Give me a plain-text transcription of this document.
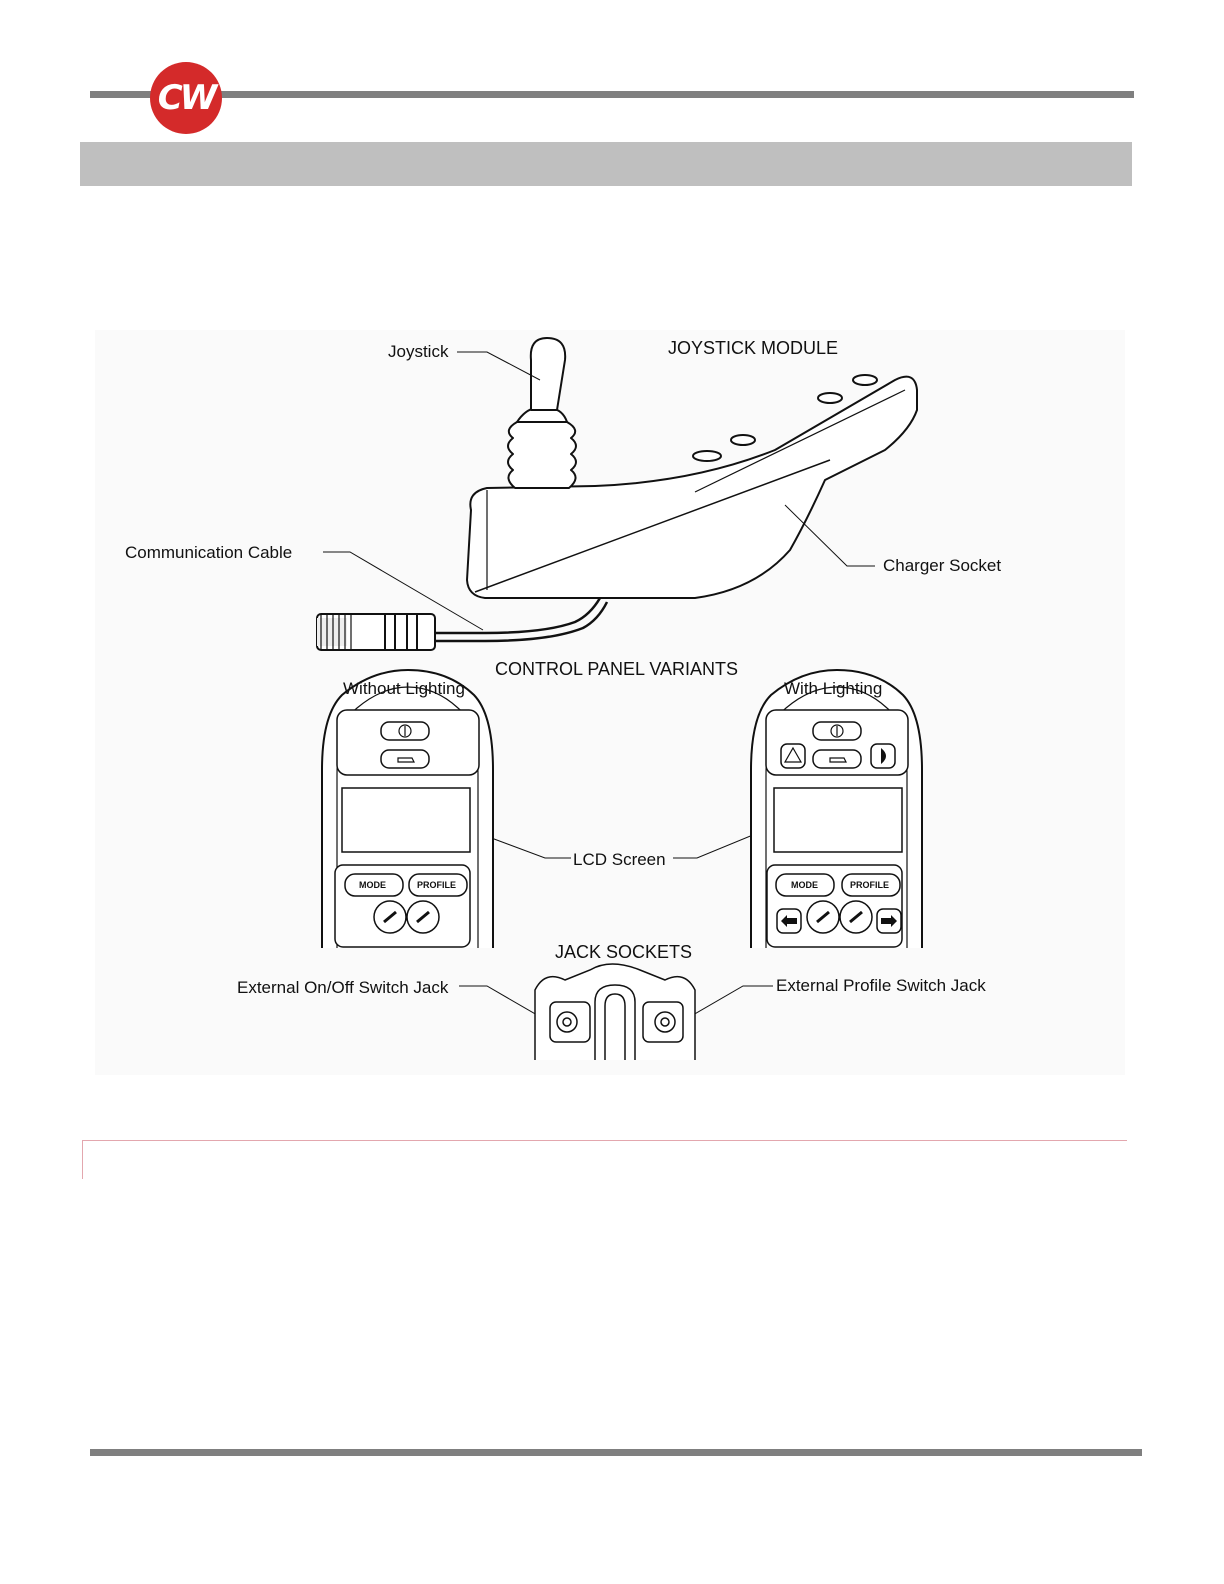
CW
Joystick	JOYSTICK MODULE
Communication Cable
Charger Socket
CONTROL PANEL VARIANTS
Without Lighting	With Lighting
LCD Screen
JACK SOCKETS
External On/Off Switch Jack	External Profile Switch Jack
MODE	PROFILE	MODE	PROFILE
